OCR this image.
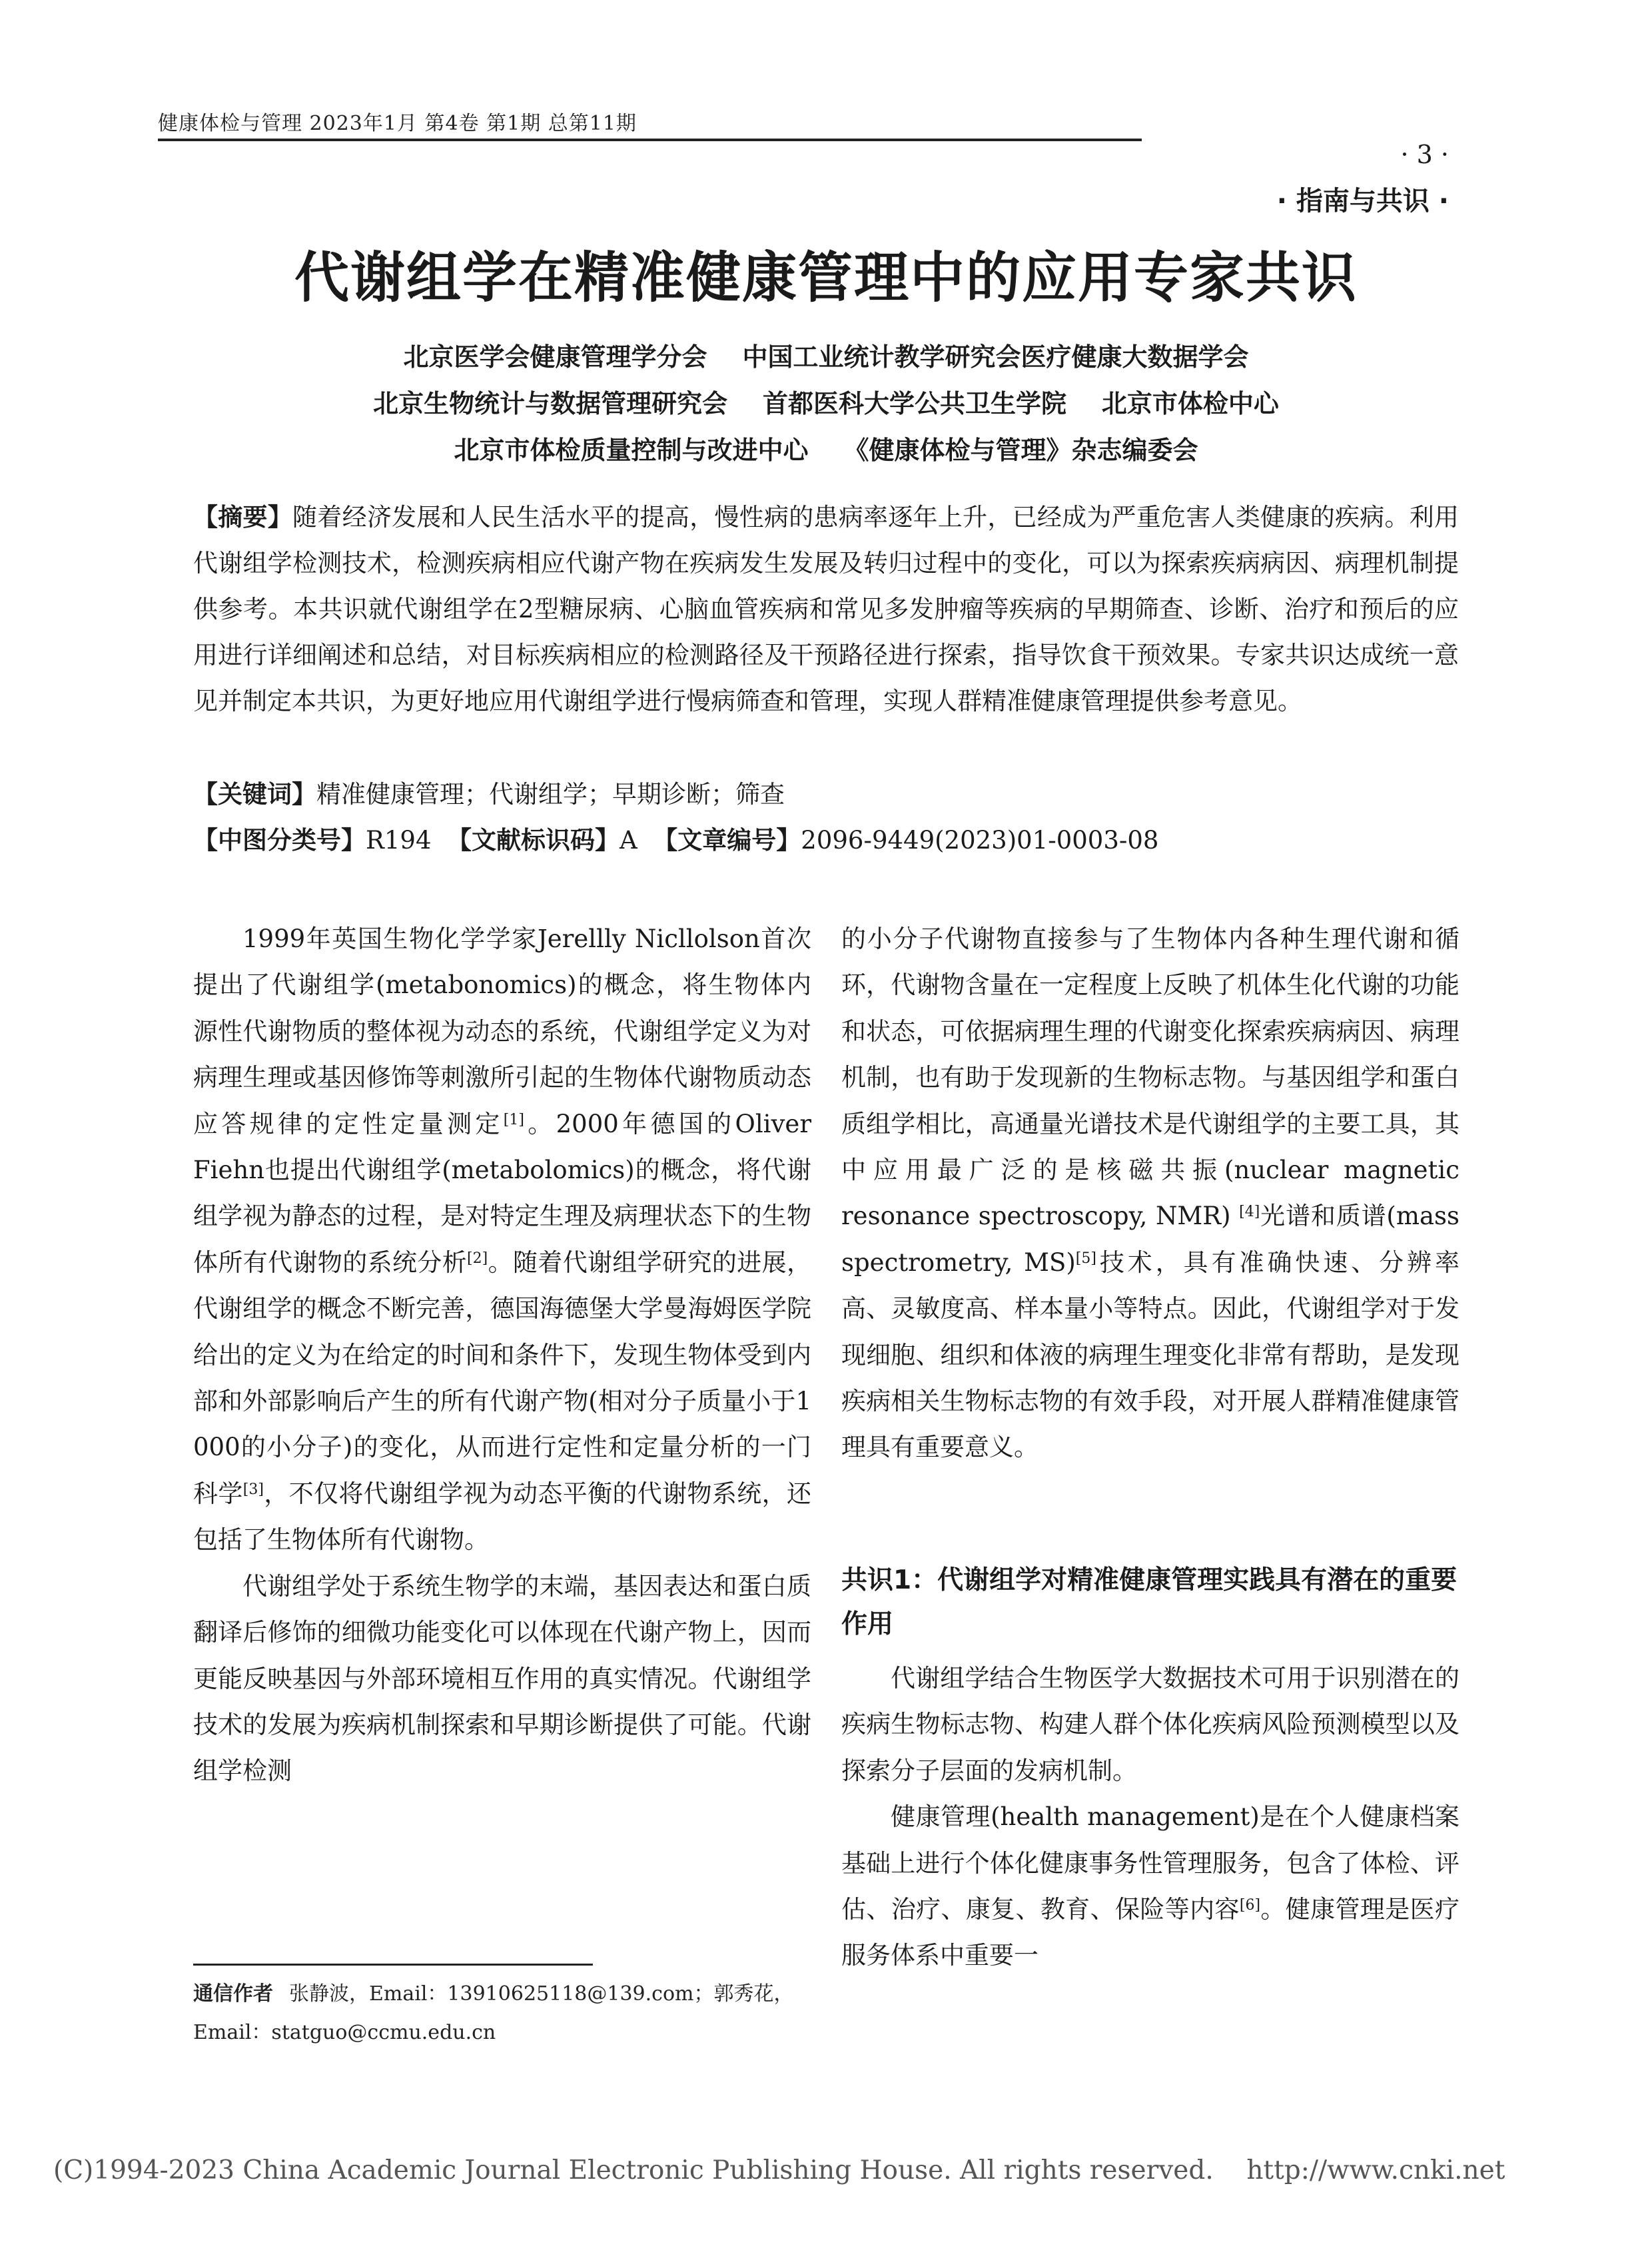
健康体检与管理 2023年1月 第4卷 第1期 总第11期
· 3 ·
· 指南与共识 ·
代谢组学在精准健康管理中的应用专家共识
北京医学会健康管理学分会    中国工业统计教学研究会医疗健康大数据学会
北京生物统计与数据管理研究会    首都医科大学公共卫生学院    北京市体检中心
北京市体检质量控制与改进中心    《健康体检与管理》杂志编委会
【摘要】随着经济发展和人民生活水平的提高，慢性病的患病率逐年上升，已经成为严重危害人类健康的疾病。利用代谢组学检测技术，检测疾病相应代谢产物在疾病发生发展及转归过程中的变化，可以为探索疾病病因、病理机制提供参考。本共识就代谢组学在2型糖尿病、心脑血管疾病和常见多发肿瘤等疾病的早期筛查、诊断、治疗和预后的应用进行详细阐述和总结，对目标疾病相应的检测路径及干预路径进行探索，指导饮食干预效果。专家共识达成统一意见并制定本共识，为更好地应用代谢组学进行慢病筛查和管理，实现人群精准健康管理提供参考意见。
【关键词】精准健康管理；代谢组学；早期诊断；筛查
【中图分类号】R194 【文献标识码】A 【文章编号】2096-9449(2023)01-0003-08

1999年英国生物化学学家Jerellly Nicllolson首次提出了代谢组学(metabonomics)的概念，将生物体内源性代谢物质的整体视为动态的系统，代谢组学定义为对病理生理或基因修饰等刺激所引起的生物体代谢物质动态应答规律的定性定量测定[1]。2000年德国的Oliver Fiehn也提出代谢组学(metabolomics)的概念，将代谢组学视为静态的过程，是对特定生理及病理状态下的生物体所有代谢物的系统分析[2]。随着代谢组学研究的进展，代谢组学的概念不断完善，德国海德堡大学曼海姆医学院给出的定义为在给定的时间和条件下，发现生物体受到内部和外部影响后产生的所有代谢产物(相对分子质量小于1 000的小分子)的变化，从而进行定性和定量分析的一门科学[3]，不仅将代谢组学视为动态平衡的代谢物系统，还包括了生物体所有代谢物。

代谢组学处于系统生物学的末端，基因表达和蛋白质翻译后修饰的细微功能变化可以体现在代谢产物上，因而更能反映基因与外部环境相互作用的真实情况。代谢组学技术的发展为疾病机制探索和早期诊断提供了可能。代谢组学检测

的小分子代谢物直接参与了生物体内各种生理代谢和循环，代谢物含量在一定程度上反映了机体生化代谢的功能和状态，可依据病理生理的代谢变化探索疾病病因、病理机制，也有助于发现新的生物标志物。与基因组学和蛋白质组学相比，高通量光谱技术是代谢组学的主要工具，其中应用最广泛的是核磁共振(nuclear magnetic resonance spectroscopy, NMR) [4]光谱和质谱(mass spectrometry, MS)[5]技术，具有准确快速、分辨率高、灵敏度高、样本量小等特点。因此，代谢组学对于发现细胞、组织和体液的病理生理变化非常有帮助，是发现疾病相关生物标志物的有效手段，对开展人群精准健康管理具有重要意义。

共识1：代谢组学对精准健康管理实践具有潜在的重要作用

代谢组学结合生物医学大数据技术可用于识别潜在的疾病生物标志物、构建人群个体化疾病风险预测模型以及探索分子层面的发病机制。

健康管理(health management)是在个人健康档案基础上进行个体化健康事务性管理服务，包含了体检、评估、治疗、康复、教育、保险等内容[6]。健康管理是医疗服务体系中重要一

通信作者 张静波，Email：13910625118@139.com；郭秀花，Email：statguo@ccmu.edu.cn
(C)1994-2023 China Academic Journal Electronic Publishing House. All rights reserved.    http://www.cnki.net
